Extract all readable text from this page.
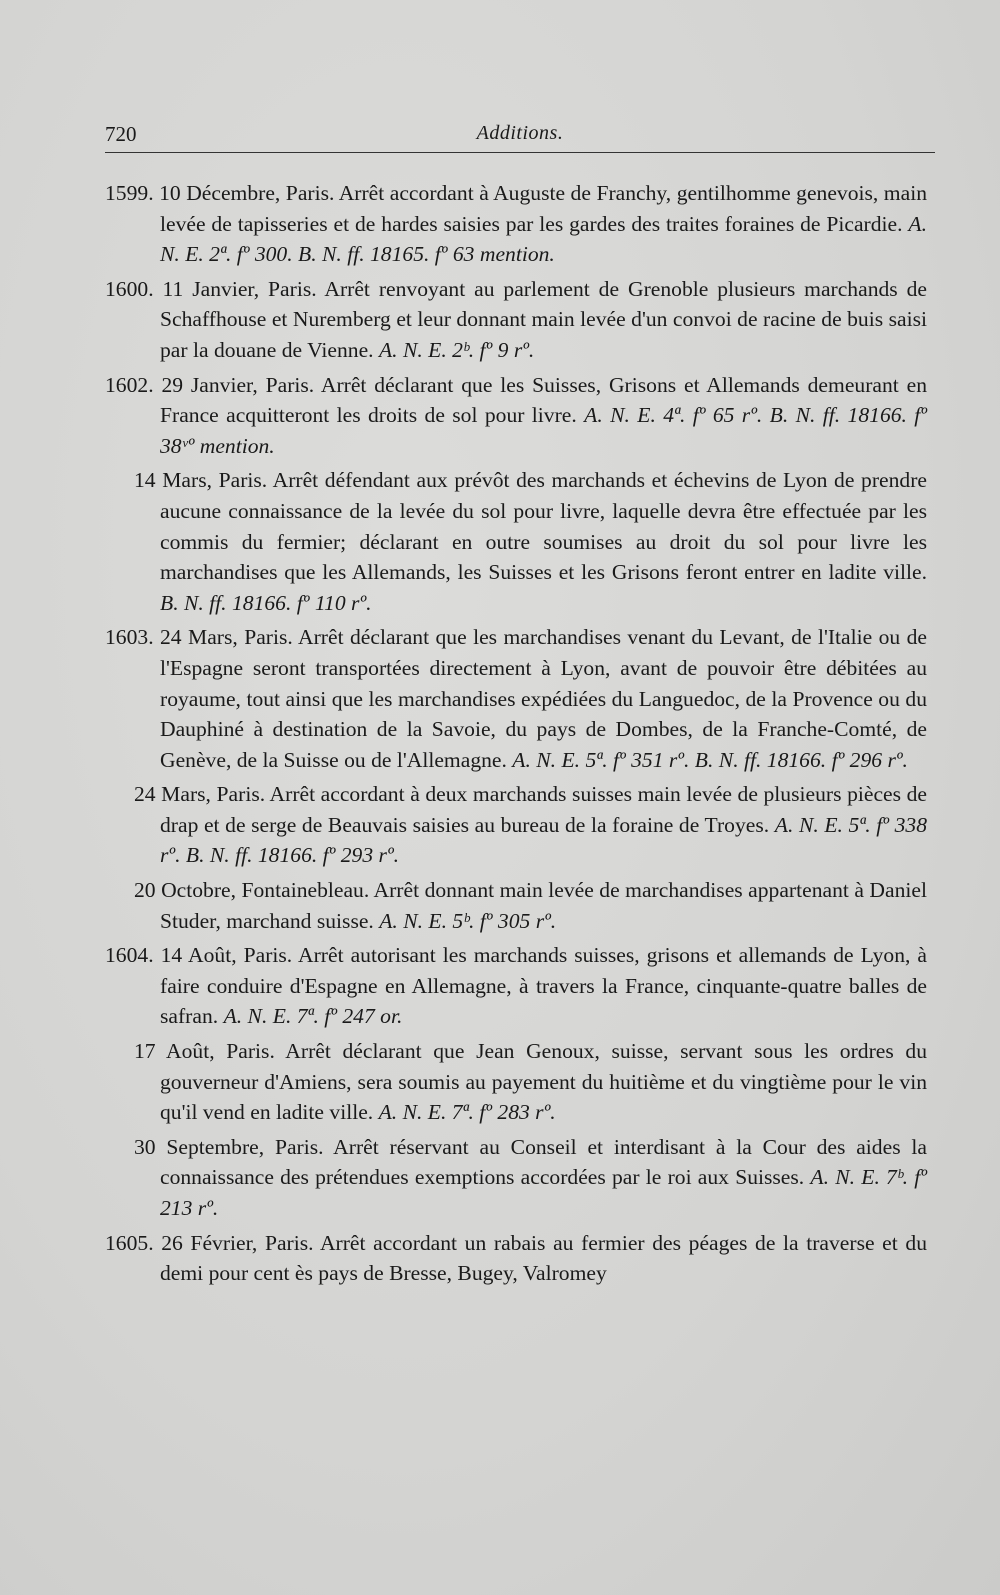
720	Additions.

1599. 10 Décembre, Paris. Arrêt accordant à Auguste de Franchy, gentilhomme genevois, main levée de tapisseries et de hardes saisies par les gardes des traites foraines de Picardie. A. N. E. 2ª. fº 300. B. N. ff. 18165. fº 63 mention.

1600. 11 Janvier, Paris. Arrêt renvoyant au parlement de Grenoble plusieurs marchands de Schaffhouse et Nuremberg et leur donnant main levée d'un convoi de racine de buis saisi par la douane de Vienne. A. N. E. 2ᵇ. fº 9 rº.

1602. 29 Janvier, Paris. Arrêt déclarant que les Suisses, Grisons et Allemands demeurant en France acquitteront les droits de sol pour livre. A. N. E. 4ª. fº 65 rº. B. N. ff. 18166. fº 38ᵛº mention.

14 Mars, Paris. Arrêt défendant aux prévôt des marchands et échevins de Lyon de prendre aucune connaissance de la levée du sol pour livre, laquelle devra être effectuée par les commis du fermier; déclarant en outre soumises au droit du sol pour livre les marchandises que les Allemands, les Suisses et les Grisons feront entrer en ladite ville. B. N. ff. 18166. fº 110 rº.

1603. 24 Mars, Paris. Arrêt déclarant que les marchandises venant du Levant, de l'Italie ou de l'Espagne seront transportées directement à Lyon, avant de pouvoir être débitées au royaume, tout ainsi que les marchandises expédiées du Languedoc, de la Provence ou du Dauphiné à destination de la Savoie, du pays de Dombes, de la Franche-Comté, de Genève, de la Suisse ou de l'Allemagne. A. N. E. 5ª. fº 351 rº. B. N. ff. 18166. fº 296 rº.

24 Mars, Paris. Arrêt accordant à deux marchands suisses main levée de plusieurs pièces de drap et de serge de Beauvais saisies au bureau de la foraine de Troyes. A. N. E. 5ª. fº 338 rº. B. N. ff. 18166. fº 293 rº.

20 Octobre, Fontainebleau. Arrêt donnant main levée de marchandises appartenant à Daniel Studer, marchand suisse. A. N. E. 5ᵇ. fº 305 rº.

1604. 14 Août, Paris. Arrêt autorisant les marchands suisses, grisons et allemands de Lyon, à faire conduire d'Espagne en Allemagne, à travers la France, cinquante-quatre balles de safran. A. N. E. 7ª. fº 247 or.

17 Août, Paris. Arrêt déclarant que Jean Genoux, suisse, servant sous les ordres du gouverneur d'Amiens, sera soumis au payement du huitième et du vingtième pour le vin qu'il vend en ladite ville. A. N. E. 7ª. fº 283 rº.

30 Septembre, Paris. Arrêt réservant au Conseil et interdisant à la Cour des aides la connaissance des prétendues exemptions accordées par le roi aux Suisses. A. N. E. 7ᵇ. fº 213 rº.

1605. 26 Février, Paris. Arrêt accordant un rabais au fermier des péages de la traverse et du demi pour cent ès pays de Bresse, Bugey, Valromey
